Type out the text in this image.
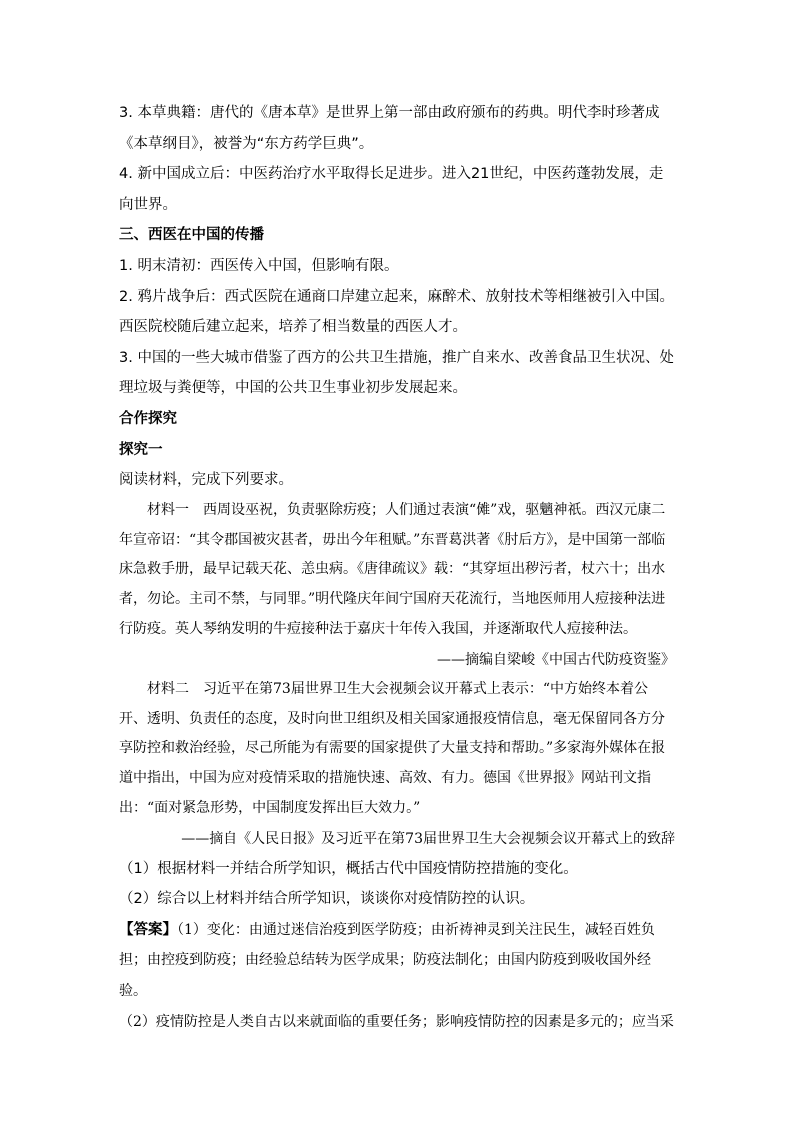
3. 本草典籍：唐代的《唐本草》是世界上第一部由政府颁布的药典。明代李时珍著成《本草纲目》，被誉为“东方药学巨典”。

4. 新中国成立后：中医药治疗水平取得长足进步。进入21世纪，中医药蓬勃发展，走向世界。

三、西医在中国的传播

1. 明末清初：西医传入中国，但影响有限。

2. 鸦片战争后：西式医院在通商口岸建立起来，麻醉术、放射技术等相继被引入中国。西医院校随后建立起来，培养了相当数量的西医人才。

3. 中国的一些大城市借鉴了西方的公共卫生措施，推广自来水、改善食品卫生状况、处理垃圾与粪便等，中国的公共卫生事业初步发展起来。

合作探究

探究一

阅读材料，完成下列要求。

材料一　西周设巫祝，负责驱除疠疫；人们通过表演“傩”戏，驱魑神祇。西汉元康二年宣帝诏：“其令郡国被灾甚者，毋出今年租赋。”东晋葛洪著《肘后方》，是中国第一部临床急救手册，最早记载天花、恙虫病。《唐律疏议》载：“其穿垣出秽污者，杖六十；出水者，勿论。主司不禁，与同罪。”明代隆庆年间宁国府天花流行，当地医师用人痘接种法进行防疫。英人琴纳发明的牛痘接种法于嘉庆十年传入我国，并逐渐取代人痘接种法。

——摘编自梁峻《中国古代防疫资鉴》

材料二　习近平在第73届世界卫生大会视频会议开幕式上表示：“中方始终本着公开、透明、负责任的态度，及时向世卫组织及相关国家通报疫情信息，毫无保留同各方分享防控和救治经验，尽己所能为有需要的国家提供了大量支持和帮助。”多家海外媒体在报道中指出，中国为应对疫情采取的措施快速、高效、有力。德国《世界报》网站刊文指出：“面对紧急形势，中国制度发挥出巨大效力。”

——摘自《人民日报》及习近平在第73届世界卫生大会视频会议开幕式上的致辞

（1）根据材料一并结合所学知识，概括古代中国疫情防控措施的变化。

（2）综合以上材料并结合所学知识，谈谈你对疫情防控的认识。

【答案】（1）变化：由通过迷信治疫到医学防疫；由祈祷神灵到关注民生，减轻百姓负担；由控疫到防疫；由经验总结转为医学成果；防疫法制化；由国内防疫到吸收国外经验。

（2）疫情防控是人类自古以来就面临的重要任务；影响疫情防控的因素是多元的；应当采
